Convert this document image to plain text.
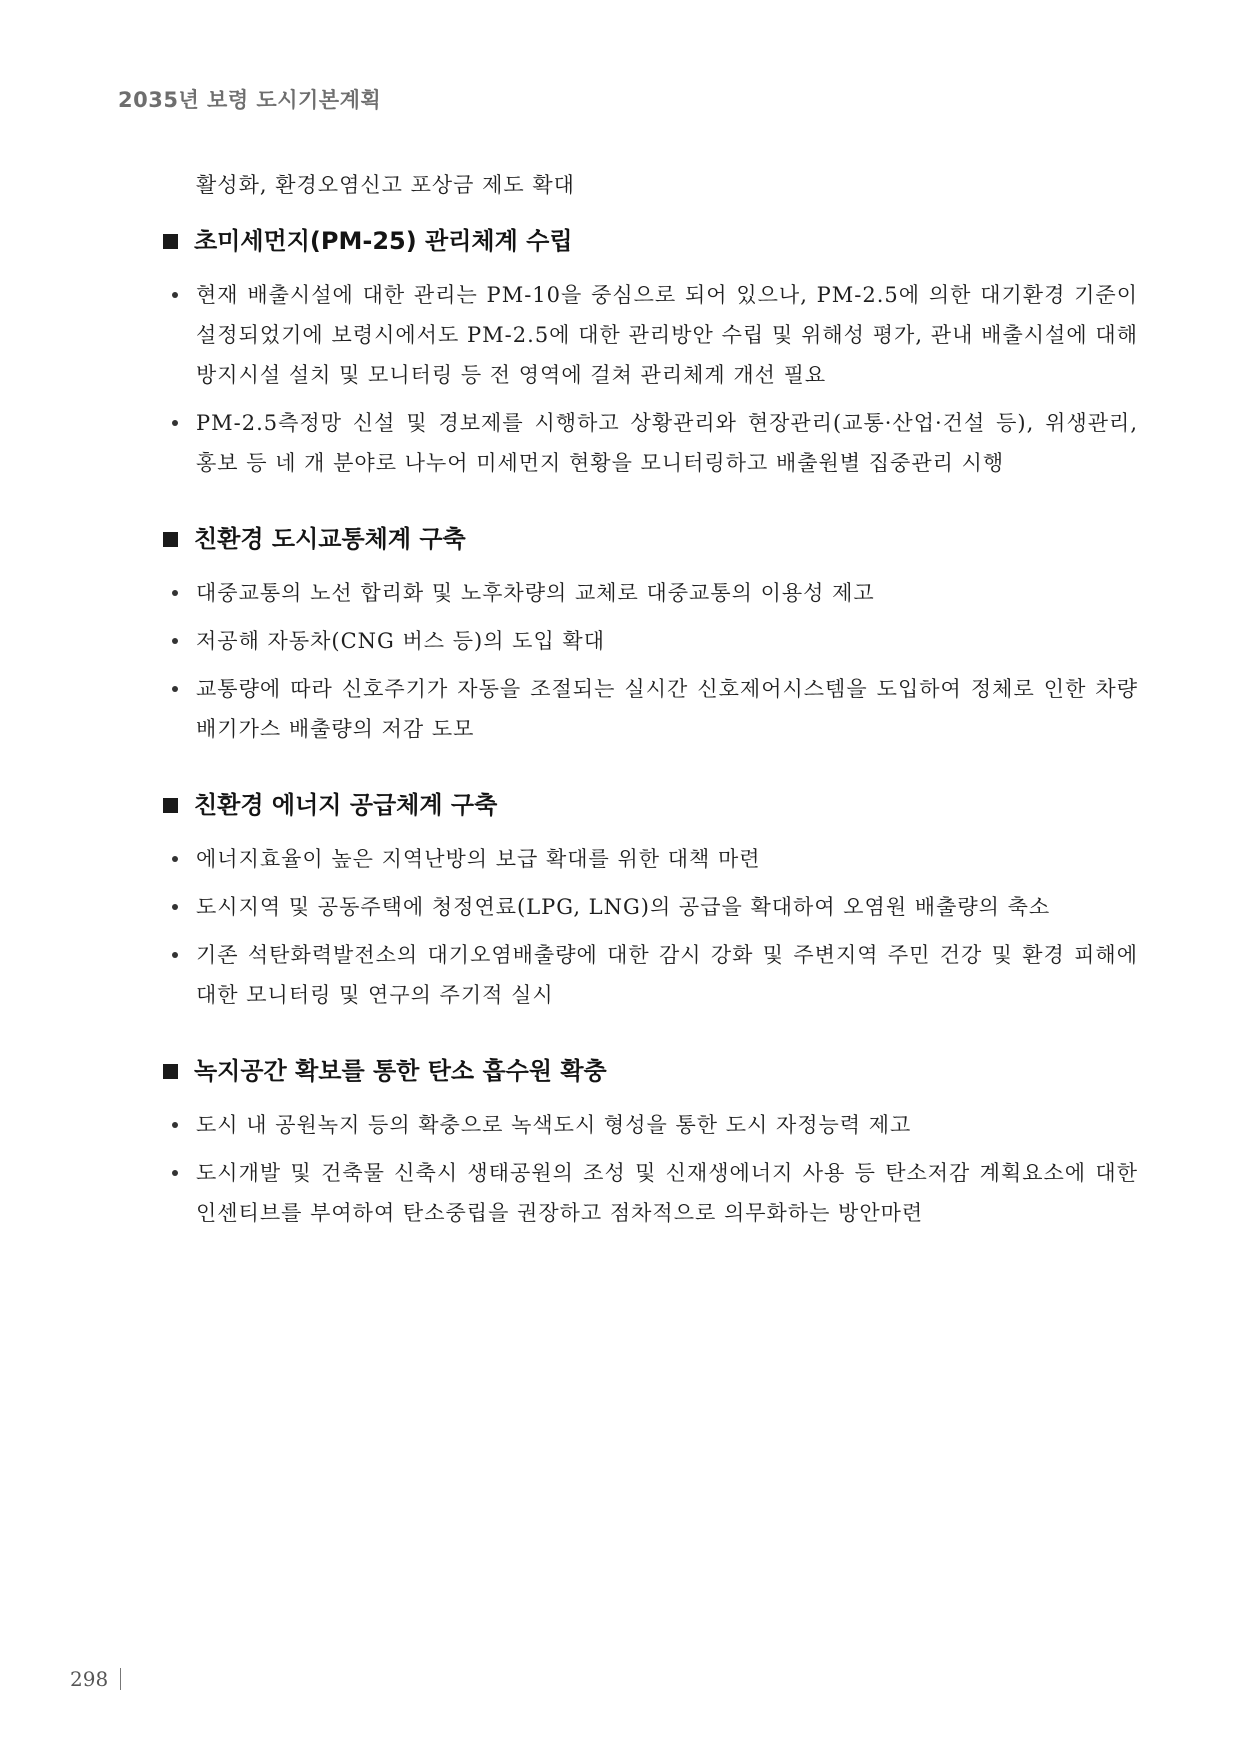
2035년 보령 도시기본계획
활성화, 환경오염신고 포상금 제도 확대
초미세먼지(PM-25) 관리체계 수립
현재 배출시설에 대한 관리는 PM-10을 중심으로 되어 있으나, PM-2.5에 의한 대기환경 기준이 설정되었기에 보령시에서도 PM-2.5에 대한 관리방안 수립 및 위해성 평가, 관내 배출시설에 대해 방지시설 설치 및 모니터링 등 전 영역에 걸쳐 관리체계 개선 필요
PM-2.5측정망 신설 및 경보제를 시행하고 상황관리와 현장관리(교통·산업·건설 등), 위생관리, 홍보 등 네 개 분야로 나누어 미세먼지 현황을 모니터링하고 배출원별 집중관리 시행
친환경 도시교통체계 구축
대중교통의 노선 합리화 및 노후차량의 교체로 대중교통의 이용성 제고
저공해 자동차(CNG 버스 등)의 도입 확대
교통량에 따라 신호주기가 자동을 조절되는 실시간 신호제어시스템을 도입하여 정체로 인한 차량배기가스 배출량의 저감 도모
친환경 에너지 공급체계 구축
에너지효율이 높은 지역난방의 보급 확대를 위한 대책 마련
도시지역 및 공동주택에 청정연료(LPG, LNG)의 공급을 확대하여 오염원 배출량의 축소
기존 석탄화력발전소의 대기오염배출량에 대한 감시 강화 및 주변지역 주민 건강 및 환경 피해에 대한 모니터링 및 연구의 주기적 실시
녹지공간 확보를 통한 탄소 흡수원 확충
도시 내 공원녹지 등의 확충으로 녹색도시 형성을 통한 도시 자정능력 제고
도시개발 및 건축물 신축시 생태공원의 조성 및 신재생에너지 사용 등 탄소저감 계획요소에 대한 인센티브를 부여하여 탄소중립을 권장하고 점차적으로 의무화하는 방안마련
298
